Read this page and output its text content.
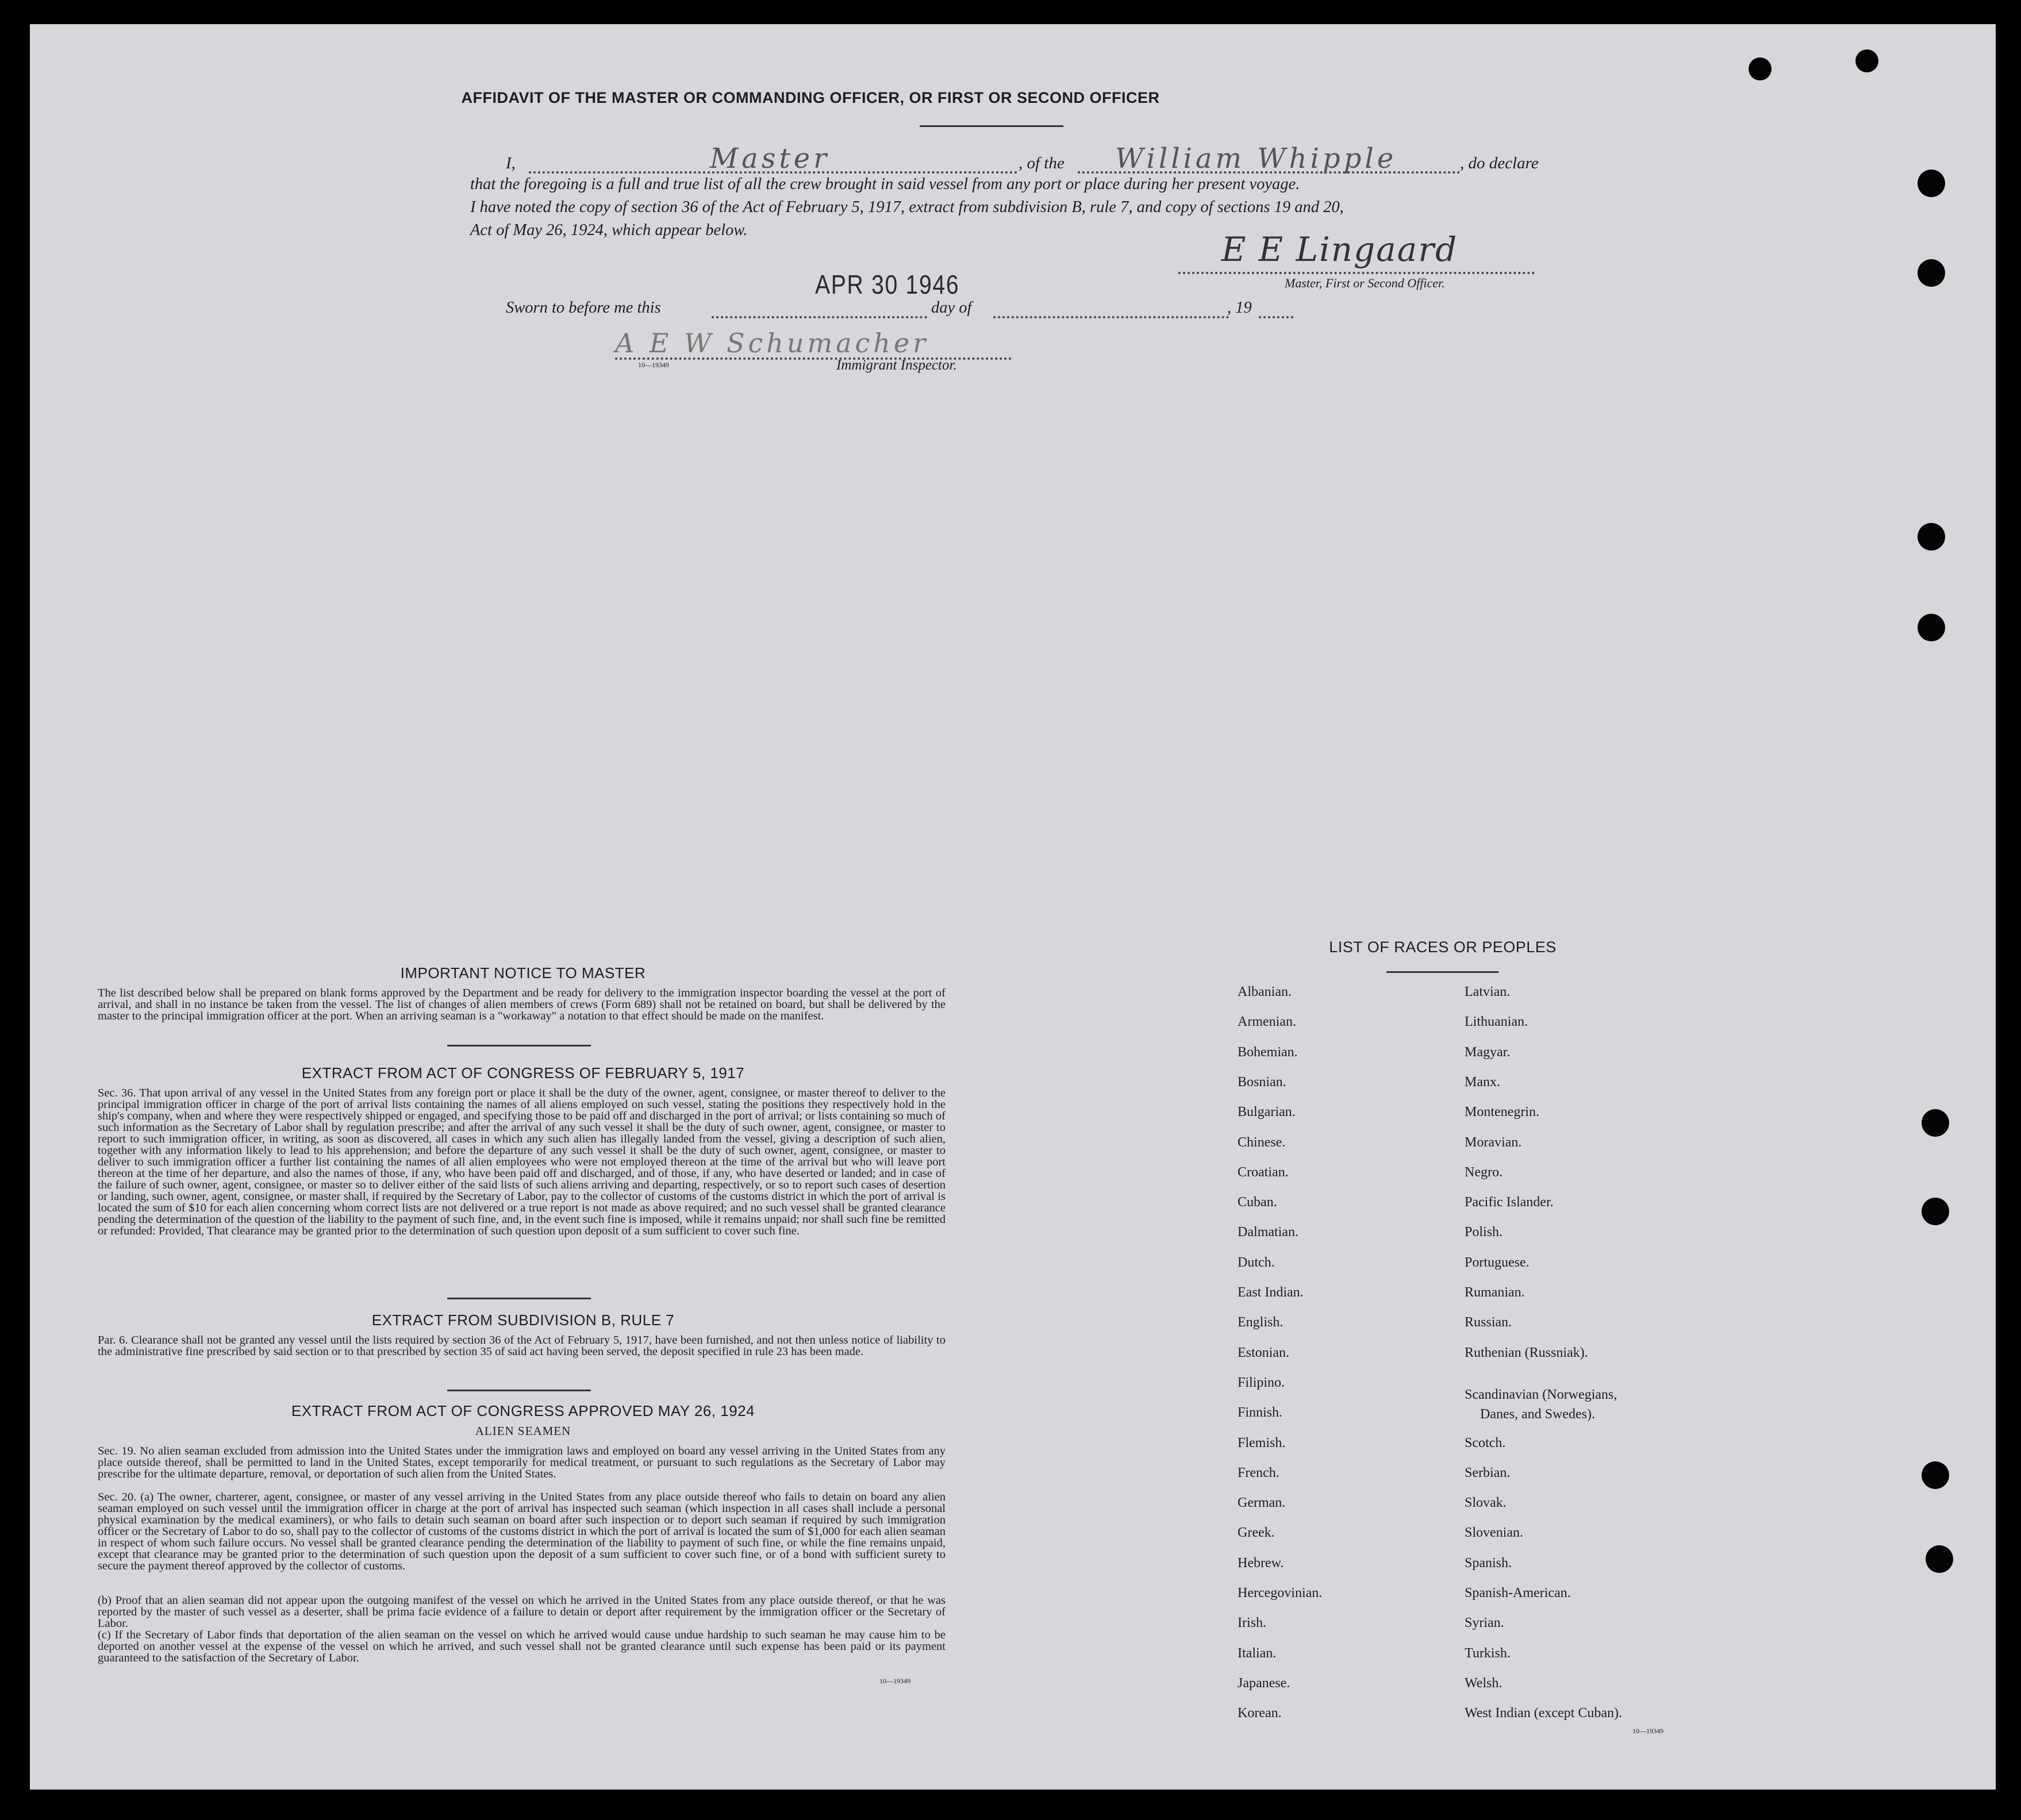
AFFIDAVIT OF THE MASTER OR COMMANDING OFFICER, OR FIRST OR SECOND OFFICER
I,	Master	, of the William Whipple	, do declare
that the foregoing is a full and true list of all the crew brought in said vessel from any port or place during her present voyage.
I have noted the copy of section 36 of the Act of February 5, 1917, extract from subdivision B, rule 7, and copy of sections 19 and 20,
Act of May 26, 1924, which appear below.	E E Lingaard
Master, First or Second Officer.
APR 30 1946
Sworn to before me this	day of	, 19
A E W Schumacher
10—19349	Immigrant Inspector.
IMPORTANT NOTICE TO MASTER
The list described below shall be prepared on blank forms approved by the Department and be ready for delivery to the immigration inspector boarding the vessel at the port of arrival, and shall in no instance be taken from the vessel. The list of changes of alien members of crews (Form 689) shall not be retained on board, but shall be delivered by the master to the principal immigration officer at the port. When an arriving seaman is a "workaway" a notation to that effect should be made on the manifest.
EXTRACT FROM ACT OF CONGRESS OF FEBRUARY 5, 1917
Sec. 36. That upon arrival of any vessel in the United States from any foreign port or place it shall be the duty of the owner, agent, consignee, or master thereof to deliver to the principal immigration officer in charge of the port of arrival lists containing the names of all aliens employed on such vessel, stating the positions they respectively hold in the ship's company, when and where they were respectively shipped or engaged, and specifying those to be paid off and discharged in the port of arrival; or lists containing so much of such information as the Secretary of Labor shall by regulation prescribe; and after the arrival of any such vessel it shall be the duty of such owner, agent, consignee, or master to report to such immigration officer, in writing, as soon as discovered, all cases in which any such alien has illegally landed from the vessel, giving a description of such alien, together with any information likely to lead to his apprehension; and before the departure of any such vessel it shall be the duty of such owner, agent, consignee, or master to deliver to such immigration officer a further list containing the names of all alien employees who were not employed thereon at the time of the arrival but who will leave port thereon at the time of her departure, and also the names of those, if any, who have been paid off and discharged, and of those, if any, who have deserted or landed; and in case of the failure of such owner, agent, consignee, or master so to deliver either of the said lists of such aliens arriving and departing, respectively, or so to report such cases of desertion or landing, such owner, agent, consignee, or master shall, if required by the Secretary of Labor, pay to the collector of customs of the customs district in which the port of arrival is located the sum of $10 for each alien concerning whom correct lists are not delivered or a true report is not made as above required; and no such vessel shall be granted clearance pending the determination of the question of the liability to the payment of such fine, and, in the event such fine is imposed, while it remains unpaid; nor shall such fine be remitted or refunded: Provided, That clearance may be granted prior to the determination of such question upon deposit of a sum sufficient to cover such fine.
EXTRACT FROM SUBDIVISION B, RULE 7
Par. 6. Clearance shall not be granted any vessel until the lists required by section 36 of the Act of February 5, 1917, have been furnished, and not then unless notice of liability to the administrative fine prescribed by said section or to that prescribed by section 35 of said act having been served, the deposit specified in rule 23 has been made.
EXTRACT FROM ACT OF CONGRESS APPROVED MAY 26, 1924
ALIEN SEAMEN
Sec. 19. No alien seaman excluded from admission into the United States under the immigration laws and employed on board any vessel arriving in the United States from any place outside thereof, shall be permitted to land in the United States, except temporarily for medical treatment, or pursuant to such regulations as the Secretary of Labor may prescribe for the ultimate departure, removal, or deportation of such alien from the United States.
Sec. 20. (a) The owner, charterer, agent, consignee, or master of any vessel arriving in the United States from any place outside thereof who fails to detain on board any alien seaman employed on such vessel until the immigration officer in charge at the port of arrival has inspected such seaman (which inspection in all cases shall include a personal physical examination by the medical examiners), or who fails to detain such seaman on board after such inspection or to deport such seaman if required by such immigration officer or the Secretary of Labor to do so, shall pay to the collector of customs of the customs district in which the port of arrival is located the sum of $1,000 for each alien seaman in respect of whom such failure occurs. No vessel shall be granted clearance pending the determination of the liability to payment of such fine, or while the fine remains unpaid, except that clearance may be granted prior to the determination of such question upon the deposit of a sum sufficient to cover such fine, or of a bond with sufficient surety to secure the payment thereof approved by the collector of customs.
(b) Proof that an alien seaman did not appear upon the outgoing manifest of the vessel on which he arrived in the United States from any place outside thereof, or that he was reported by the master of such vessel as a deserter, shall be prima facie evidence of a failure to detain or deport after requirement by the immigration officer or the Secretary of Labor.
(c) If the Secretary of Labor finds that deportation of the alien seaman on the vessel on which he arrived would cause undue hardship to such seaman he may cause him to be deported on another vessel at the expense of the vessel on which he arrived, and such vessel shall not be granted clearance until such expense has been paid or its payment guaranteed to the satisfaction of the Secretary of Labor.
10—19349
LIST OF RACES OR PEOPLES
Albanian.
Armenian.
Bohemian.
Bosnian.
Bulgarian.
Chinese.
Croatian.
Cuban.
Dalmatian.
Dutch.
East Indian.
English.
Estonian.
Filipino.
Finnish.
Flemish.
French.
German.
Greek.
Hebrew.
Hercegovinian.
Irish.
Italian.
Japanese.
Korean.
Latvian.
Lithuanian.
Magyar.
Manx.
Montenegrin.
Moravian.
Negro.
Pacific Islander.
Polish.
Portuguese.
Rumanian.
Russian.
Ruthenian (Russniak).
Scandinavian (Norwegians,
Danes, and Swedes).
Scotch.
Serbian.
Slovak.
Slovenian.
Spanish.
Spanish-American.
Syrian.
Turkish.
Welsh.
West Indian (except Cuban).
10—19349
